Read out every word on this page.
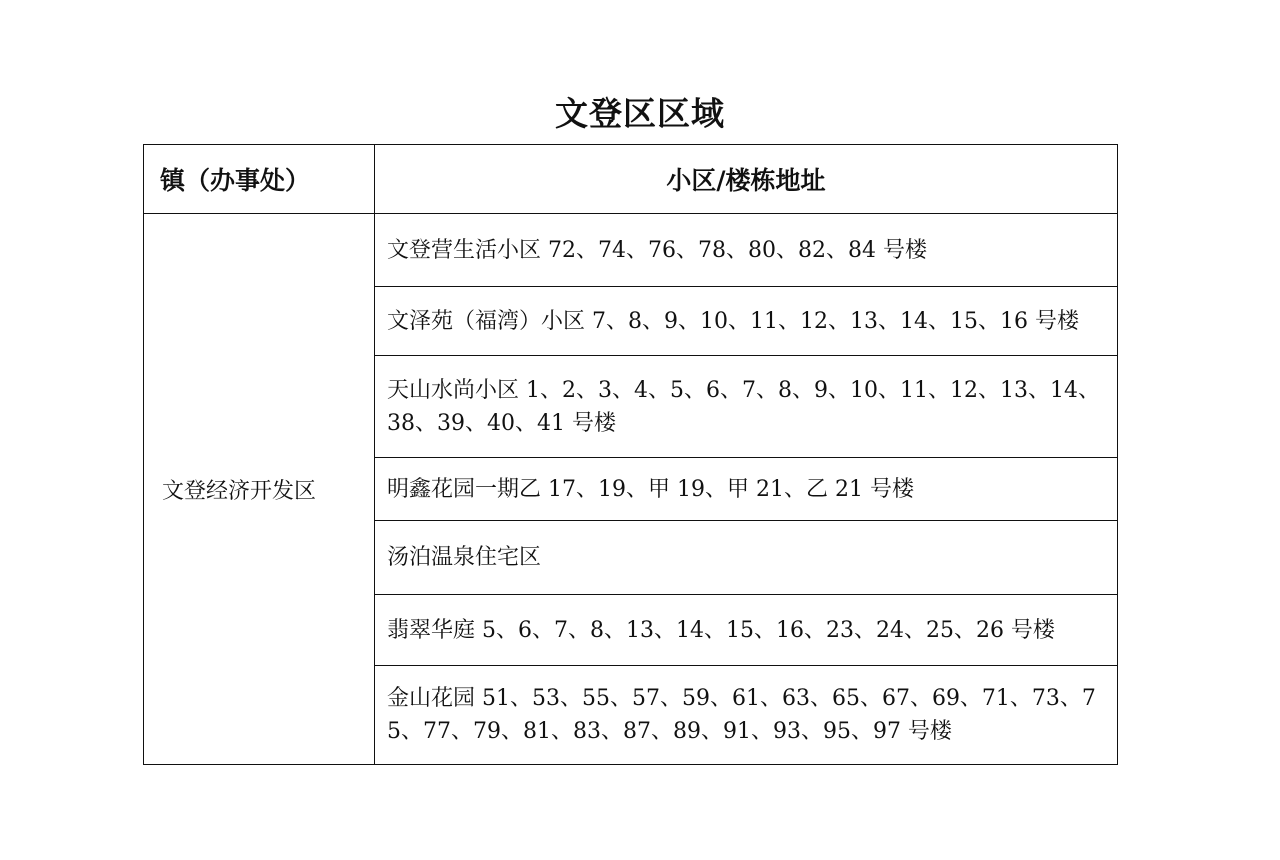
文登区区域
镇（办事处）	小区/楼栋地址
文登经济开发区	文登营生活小区 72、74、76、78、80、82、84 号楼
	文泽苑（福湾）小区 7、8、9、10、11、12、13、14、15、16 号楼
	天山水尚小区 1、2、3、4、5、6、7、8、9、10、11、12、13、14、38、39、40、41 号楼
	明鑫花园一期乙 17、19、甲 19、甲 21、乙 21 号楼
	汤泊温泉住宅区
	翡翠华庭 5、6、7、8、13、14、15、16、23、24、25、26 号楼
	金山花园 51、53、55、57、59、61、63、65、67、69、71、73、75、77、79、81、83、87、89、91、93、95、97 号楼
